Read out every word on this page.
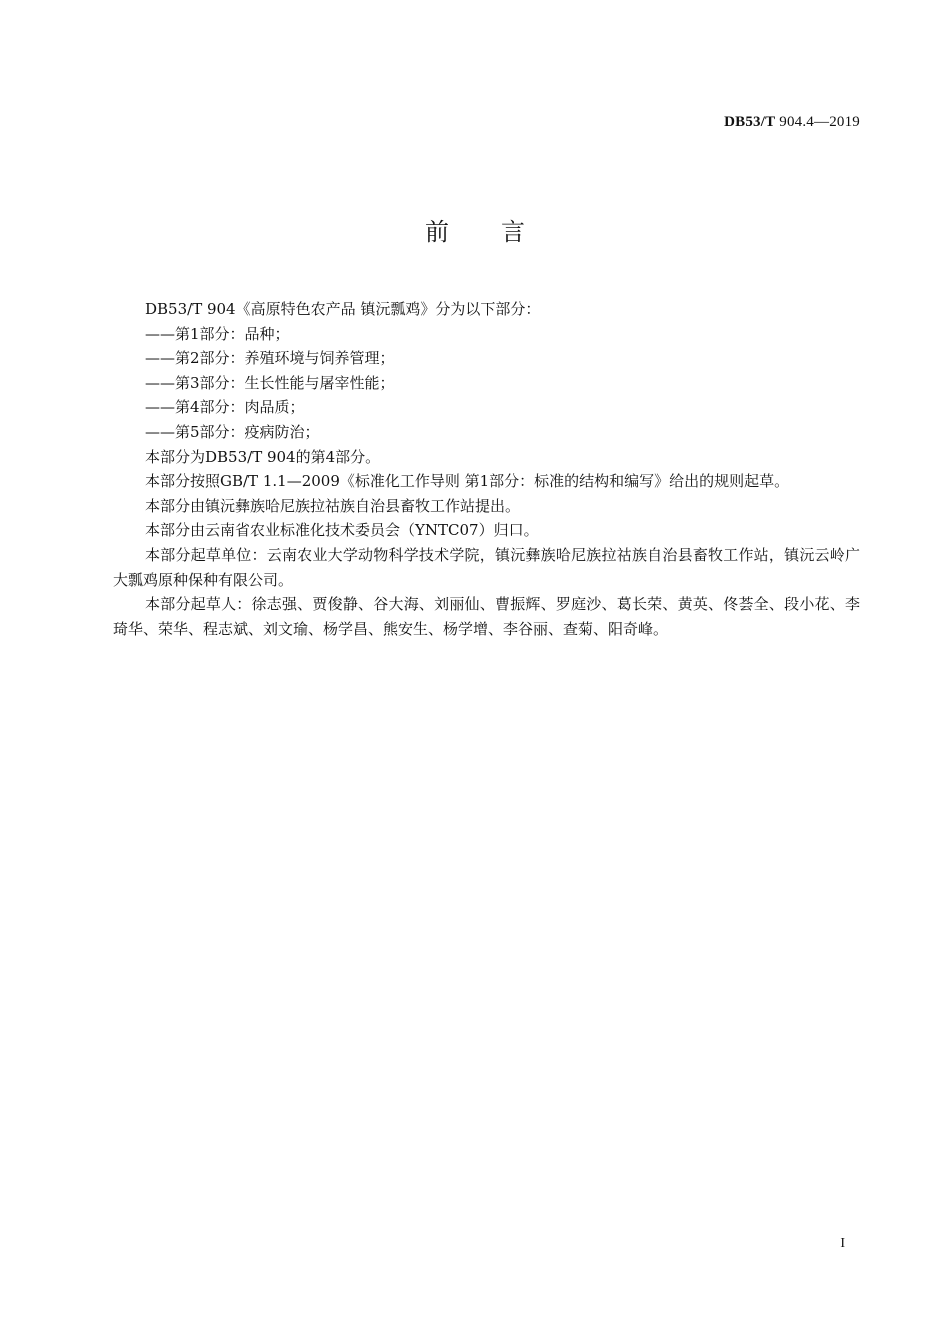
DB53/T 904.4—2019
前言

DB53/T 904《高原特色农产品 镇沅瓢鸡》分为以下部分：

——第1部分：品种；

——第2部分：养殖环境与饲养管理；

——第3部分：生长性能与屠宰性能；

——第4部分：肉品质；

——第5部分：疫病防治；

本部分为DB53/T 904的第4部分。

本部分按照GB/T 1.1—2009《标准化工作导则 第1部分：标准的结构和编写》给出的规则起草。

本部分由镇沅彝族哈尼族拉祜族自治县畜牧工作站提出。

本部分由云南省农业标准化技术委员会（YNTC07）归口。

本部分起草单位：云南农业大学动物科学技术学院，镇沅彝族哈尼族拉祜族自治县畜牧工作站，镇沅云岭广大瓢鸡原种保种有限公司。

本部分起草人：徐志强、贾俊静、谷大海、刘丽仙、曹振辉、罗庭沙、葛长荣、黄英、佟荟全、段小花、李琦华、荣华、程志斌、刘文瑜、杨学昌、熊安生、杨学增、李谷丽、查菊、阳奇峰。

I
